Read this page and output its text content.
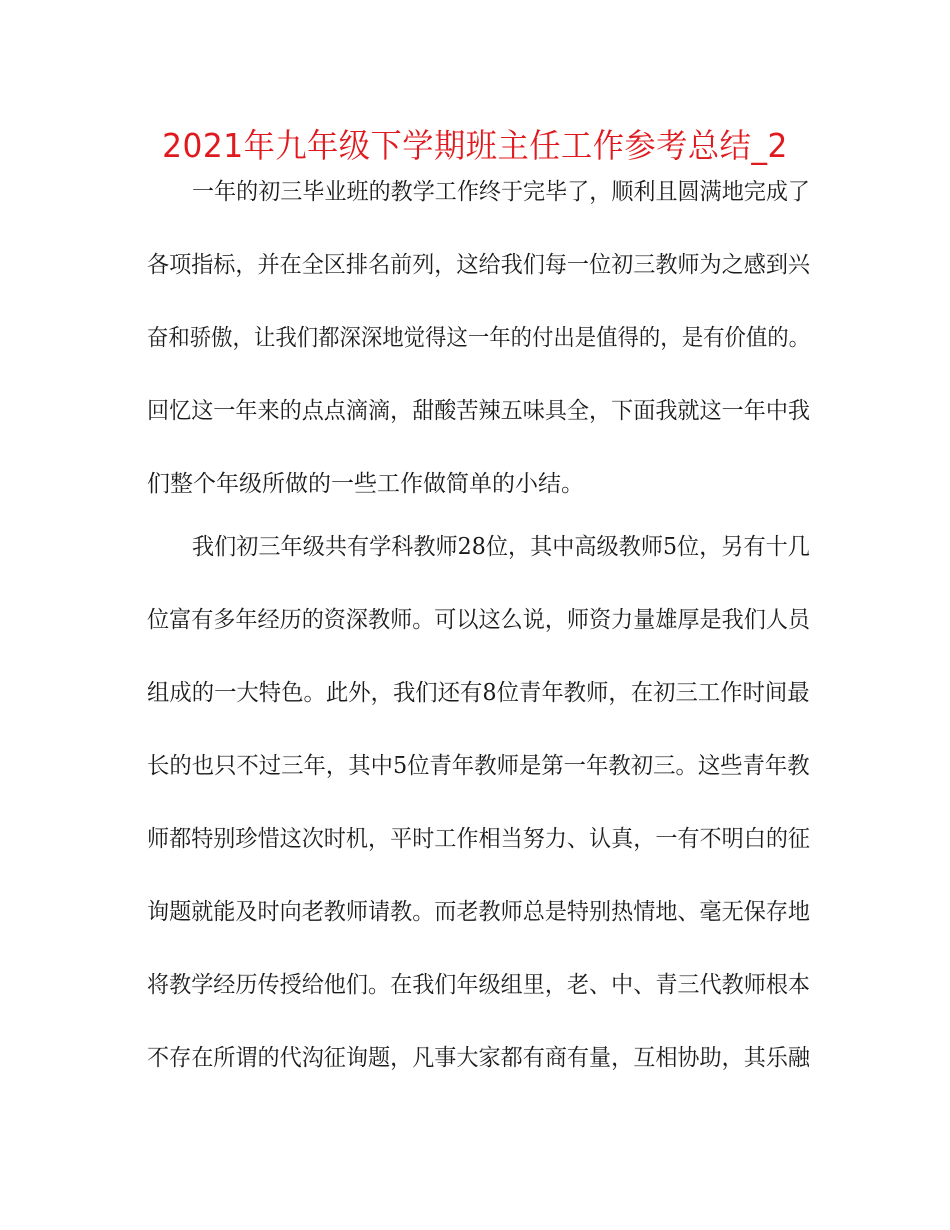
2021年九年级下学期班主任工作参考总结_2
一年的初三毕业班的教学工作终于完毕了，顺利且圆满地完成了
各项指标，并在全区排名前列，这给我们每一位初三教师为之感到兴
奋和骄傲，让我们都深深地觉得这一年的付出是值得的，是有价值的。
回忆这一年来的点点滴滴，甜酸苦辣五味具全，下面我就这一年中我
们整个年级所做的一些工作做简单的小结。
我们初三年级共有学科教师28位，其中高级教师5位，另有十几
位富有多年经历的资深教师。可以这么说，师资力量雄厚是我们人员
组成的一大特色。此外，我们还有8位青年教师，在初三工作时间最
长的也只不过三年，其中5位青年教师是第一年教初三。这些青年教
师都特别珍惜这次时机，平时工作相当努力、认真，一有不明白的征
询题就能及时向老教师请教。而老教师总是特别热情地、毫无保存地
将教学经历传授给他们。在我们年级组里，老、中、青三代教师根本
不存在所谓的代沟征询题，凡事大家都有商有量，互相协助，其乐融
